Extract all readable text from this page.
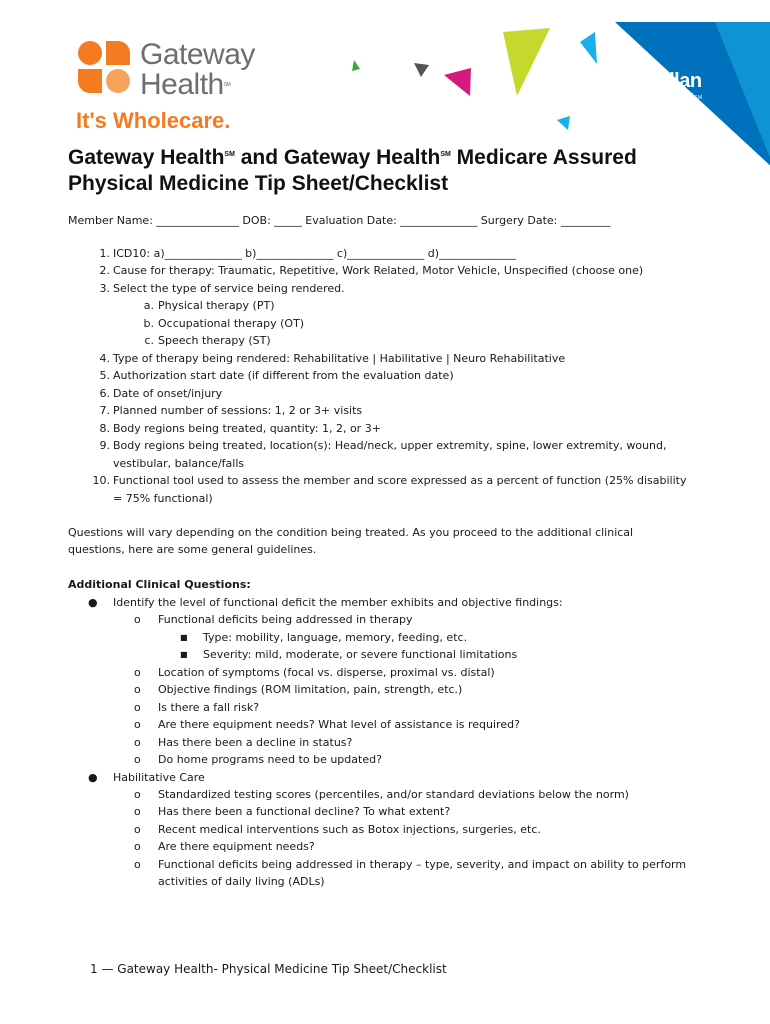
Gateway
Health℠
It's Wholecare.
Magellan
HEALTHCARESM
Gateway Health℠ and Gateway Health℠ Medicare Assured
Physical Medicine Tip Sheet/Checklist
Member Name: _______________ DOB: _____ Evaluation Date: ______________ Surgery Date: _________
1. ICD10: a)______________ b)______________ c)______________ d)______________
2. Cause for therapy: Traumatic, Repetitive, Work Related, Motor Vehicle, Unspecified (choose one)
3. Select the type of service being rendered.
a. Physical therapy (PT)
b. Occupational therapy (OT)
c. Speech therapy (ST)
4. Type of therapy being rendered: Rehabilitative | Habilitative | Neuro Rehabilitative
5. Authorization start date (if different from the evaluation date)
6. Date of onset/injury
7. Planned number of sessions: 1, 2 or 3+ visits
8. Body regions being treated, quantity: 1, 2, or 3+
9. Body regions being treated, location(s): Head/neck, upper extremity, spine, lower extremity, wound,
vestibular, balance/falls
10. Functional tool used to assess the member and score expressed as a percent of function (25% disability
= 75% functional)
Questions will vary depending on the condition being treated. As you proceed to the additional clinical
questions, here are some general guidelines.
Additional Clinical Questions:
● Identify the level of functional deficit the member exhibits and objective findings:
o Functional deficits being addressed in therapy
■ Type: mobility, language, memory, feeding, etc.
■ Severity: mild, moderate, or severe functional limitations
o Location of symptoms (focal vs. disperse, proximal vs. distal)
o Objective findings (ROM limitation, pain, strength, etc.)
o Is there a fall risk?
o Are there equipment needs? What level of assistance is required?
o Has there been a decline in status?
o Do home programs need to be updated?
● Habilitative Care
o Standardized testing scores (percentiles, and/or standard deviations below the norm)
o Has there been a functional decline? To what extent?
o Recent medical interventions such as Botox injections, surgeries, etc.
o Are there equipment needs?
o Functional deficits being addressed in therapy – type, severity, and impact on ability to perform
activities of daily living (ADLs)
1 — Gateway Health- Physical Medicine Tip Sheet/Checklist
